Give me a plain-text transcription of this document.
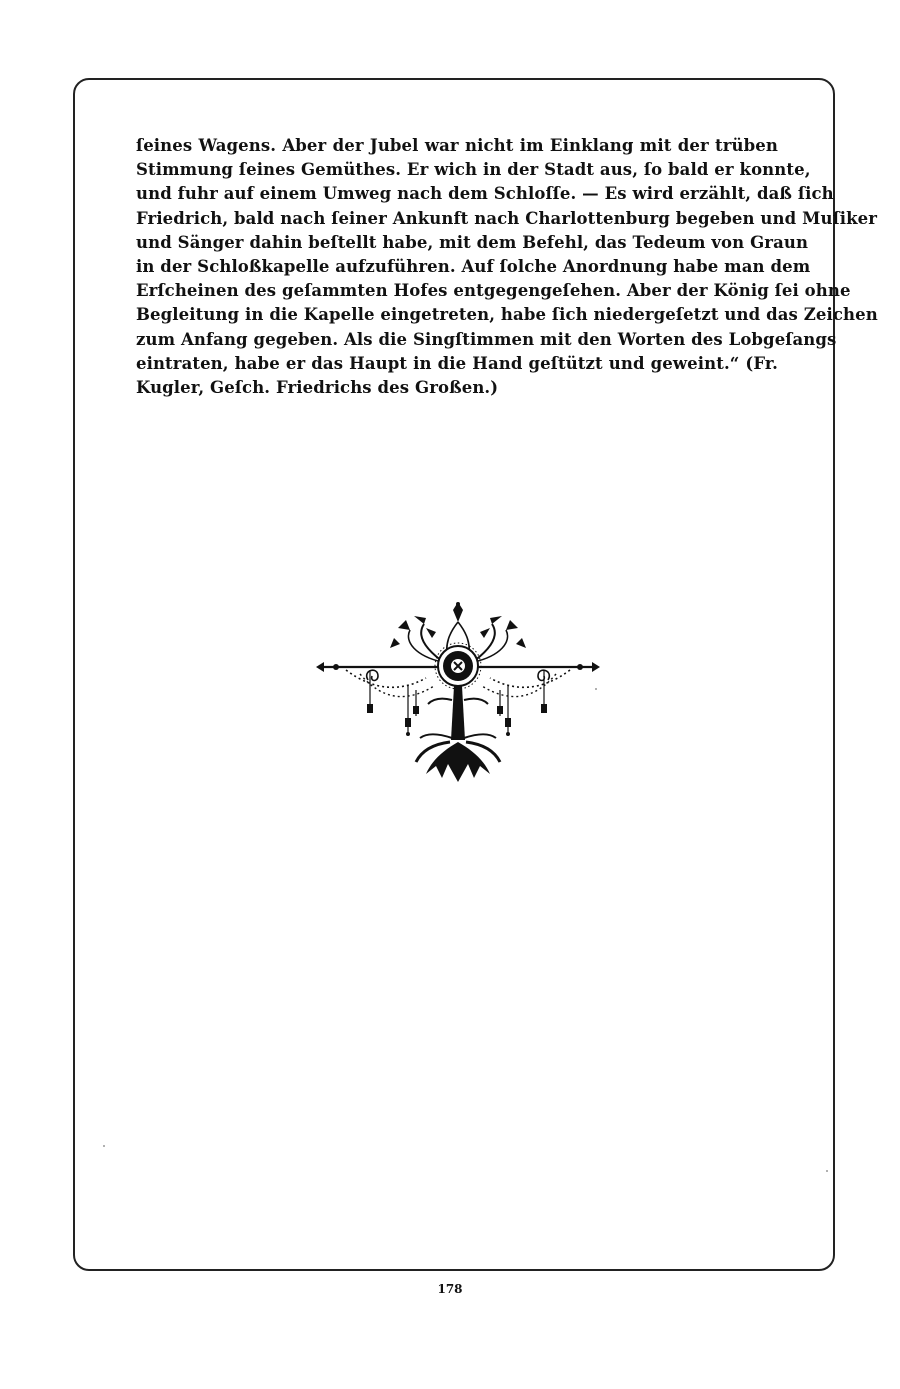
ſeines Wagens. Aber der Jubel war nicht im Einklang mit der trüben
Stimmung ſeines Gemüthes. Er wich in der Stadt aus, ſo bald er konnte,
und fuhr auf einem Umweg nach dem Schloſſe. — Es wird erzählt, daß ſich
Friedrich, bald nach ſeiner Ankunft nach Charlottenburg begeben und Muſiker
und Sänger dahin beſtellt habe, mit dem Befehl, das Tedeum von Graun
in der Schloßkapelle aufzuführen. Auf ſolche Anordnung habe man dem
Erſcheinen des geſammten Hofes entgegengeſehen. Aber der König ſei ohne
Begleitung in die Kapelle eingetreten, habe ſich niedergeſetzt und das Zeichen
zum Anfang gegeben. Als die Singſtimmen mit den Worten des Lobgeſangs
eintraten, habe er das Haupt in die Hand geſtützt und geweint.“ (Fr.
Kugler, Geſch. Friedrichs des Großen.)
178
